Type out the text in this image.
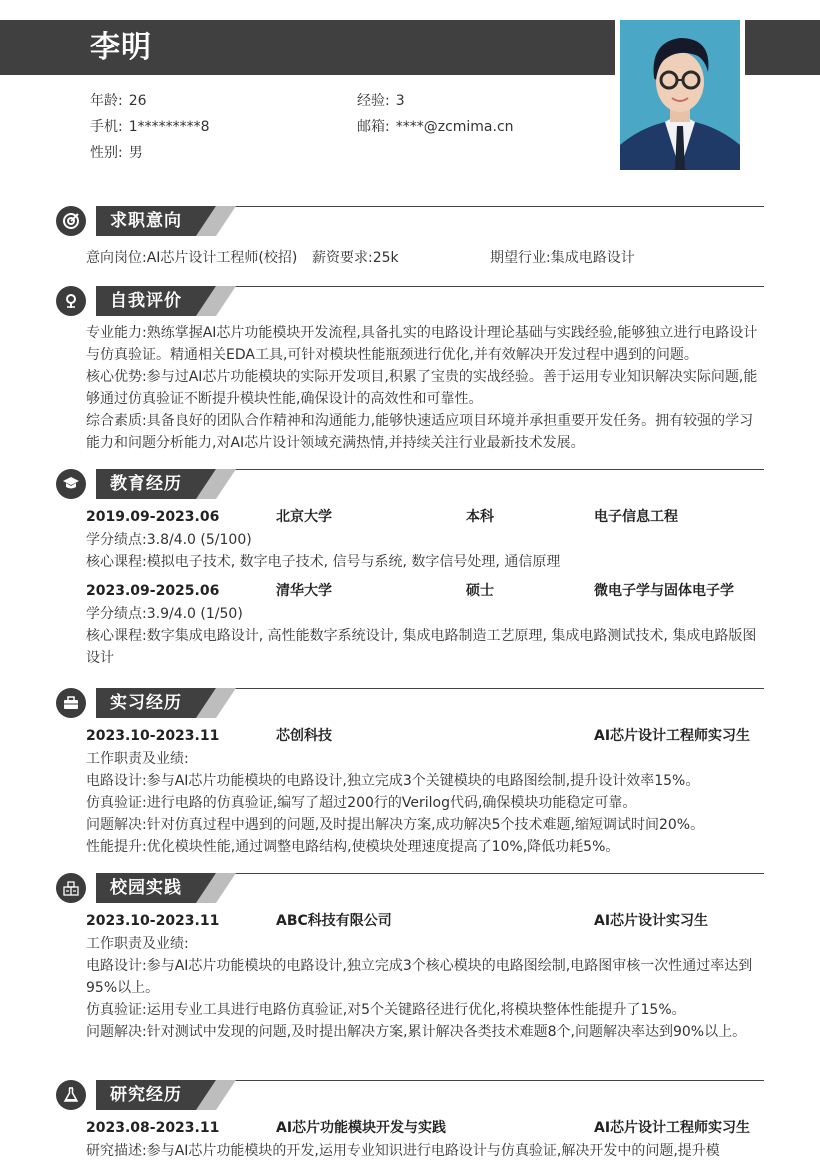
李明
年龄: 26	经验: 3
手机: 1*********8	邮箱: ****@zcmima.cn
性别: 男
求职意向
意向岗位:AI芯片设计工程师(校招) 薪资要求:25k	期望行业:集成电路设计
自我评价
专业能力:熟练掌握AI芯片功能模块开发流程,具备扎实的电路设计理论基础与实践经验,能够独立进行电路设计与仿真验证。精通相关EDA工具,可针对模块性能瓶颈进行优化,并有效解决开发过程中遇到的问题。
核心优势:参与过AI芯片功能模块的实际开发项目,积累了宝贵的实战经验。善于运用专业知识解决实际问题,能够通过仿真验证不断提升模块性能,确保设计的高效性和可靠性。
综合素质:具备良好的团队合作精神和沟通能力,能够快速适应项目环境并承担重要开发任务。拥有较强的学习能力和问题分析能力,对AI芯片设计领域充满热情,并持续关注行业最新技术发展。
教育经历
2019.09-2023.06	北京大学	本科	电子信息工程
学分绩点:3.8/4.0 (5/100)
核心课程:模拟电子技术, 数字电子技术, 信号与系统, 数字信号处理, 通信原理
2023.09-2025.06	清华大学	硕士	微电子学与固体电子学
学分绩点:3.9/4.0 (1/50)
核心课程:数字集成电路设计, 高性能数字系统设计, 集成电路制造工艺原理, 集成电路测试技术, 集成电路版图设计
实习经历
2023.10-2023.11	芯创科技	AI芯片设计工程师实习生
工作职责及业绩:
电路设计:参与AI芯片功能模块的电路设计,独立完成3个关键模块的电路图绘制,提升设计效率15%。
仿真验证:进行电路的仿真验证,编写了超过200行的Verilog代码,确保模块功能稳定可靠。
问题解决:针对仿真过程中遇到的问题,及时提出解决方案,成功解决5个技术难题,缩短调试时间20%。
性能提升:优化模块性能,通过调整电路结构,使模块处理速度提高了10%,降低功耗5%。
校园实践
2023.10-2023.11	ABC科技有限公司	AI芯片设计实习生
工作职责及业绩:
电路设计:参与AI芯片功能模块的电路设计,独立完成3个核心模块的电路图绘制,电路图审核一次性通过率达到95%以上。
仿真验证:运用专业工具进行电路仿真验证,对5个关键路径进行优化,将模块整体性能提升了15%。
问题解决:针对测试中发现的问题,及时提出解决方案,累计解决各类技术难题8个,问题解决率达到90%以上。
研究经历
2023.08-2023.11	AI芯片功能模块开发与实践	AI芯片设计工程师实习生
研究描述:参与AI芯片功能模块的开发,运用专业知识进行电路设计与仿真验证,解决开发中的问题,提升模
